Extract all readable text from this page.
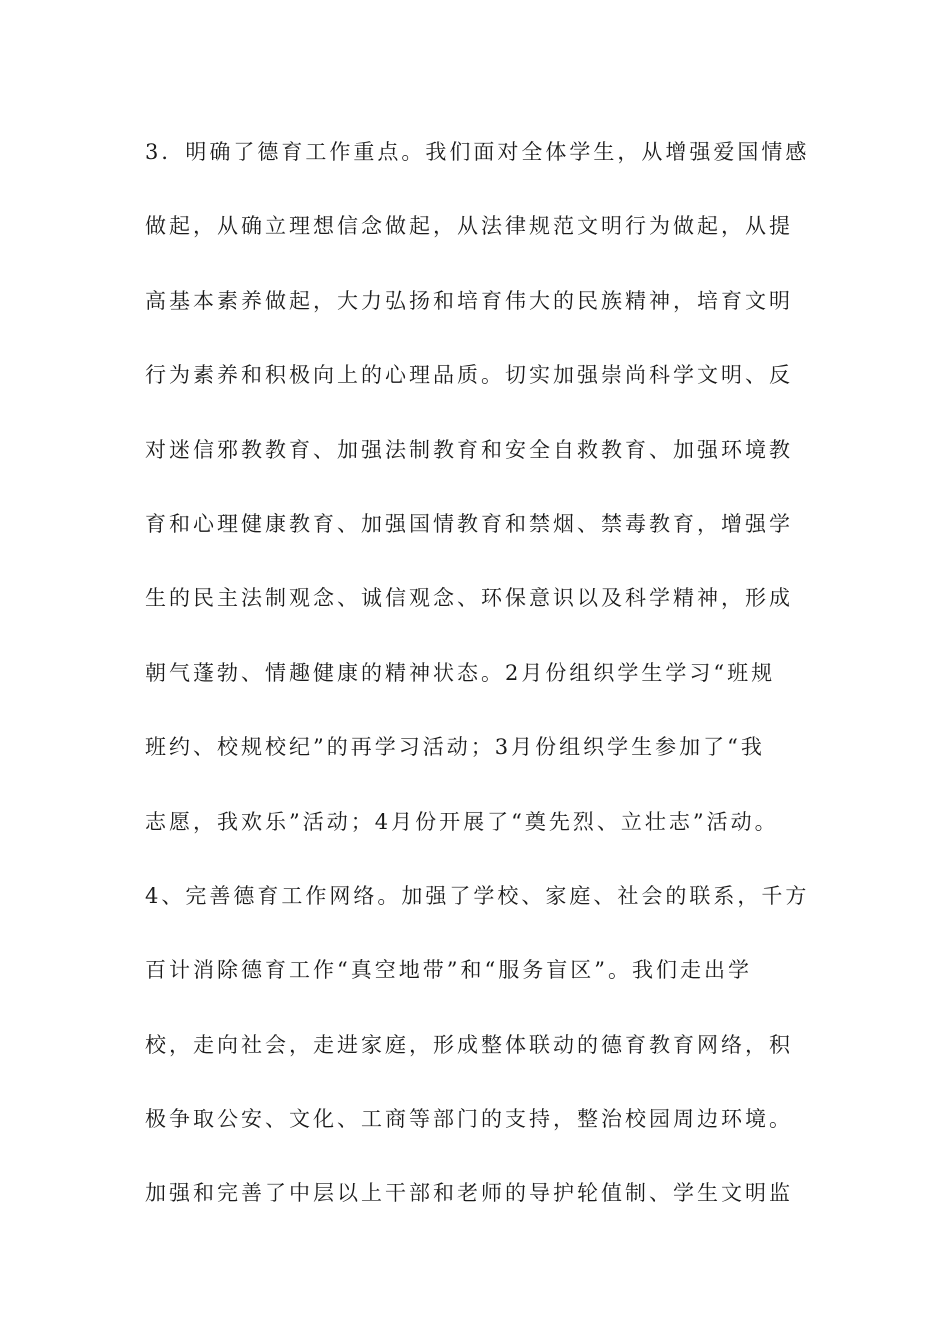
3．明确了德育工作重点。我们面对全体学生，从增强爱国情感
做起，从确立理想信念做起，从法律规范文明行为做起，从提
高基本素养做起，大力弘扬和培育伟大的民族精神，培育文明
行为素养和积极向上的心理品质。切实加强崇尚科学文明、反
对迷信邪教教育、加强法制教育和安全自救教育、加强环境教
育和心理健康教育、加强国情教育和禁烟、禁毒教育，增强学
生的民主法制观念、诚信观念、环保意识以及科学精神，形成
朝气蓬勃、情趣健康的精神状态。2月份组织学生学习“班规
班约、校规校纪”的再学习活动；3月份组织学生参加了“我
志愿，我欢乐”活动；4月份开展了“奠先烈、立壮志”活动。
4、完善德育工作网络。加强了学校、家庭、社会的联系，千方
百计消除德育工作“真空地带”和“服务盲区”。我们走出学
校，走向社会，走进家庭，形成整体联动的德育教育网络，积
极争取公安、文化、工商等部门的支持，整治校园周边环境。
加强和完善了中层以上干部和老师的导护轮值制、学生文明监
